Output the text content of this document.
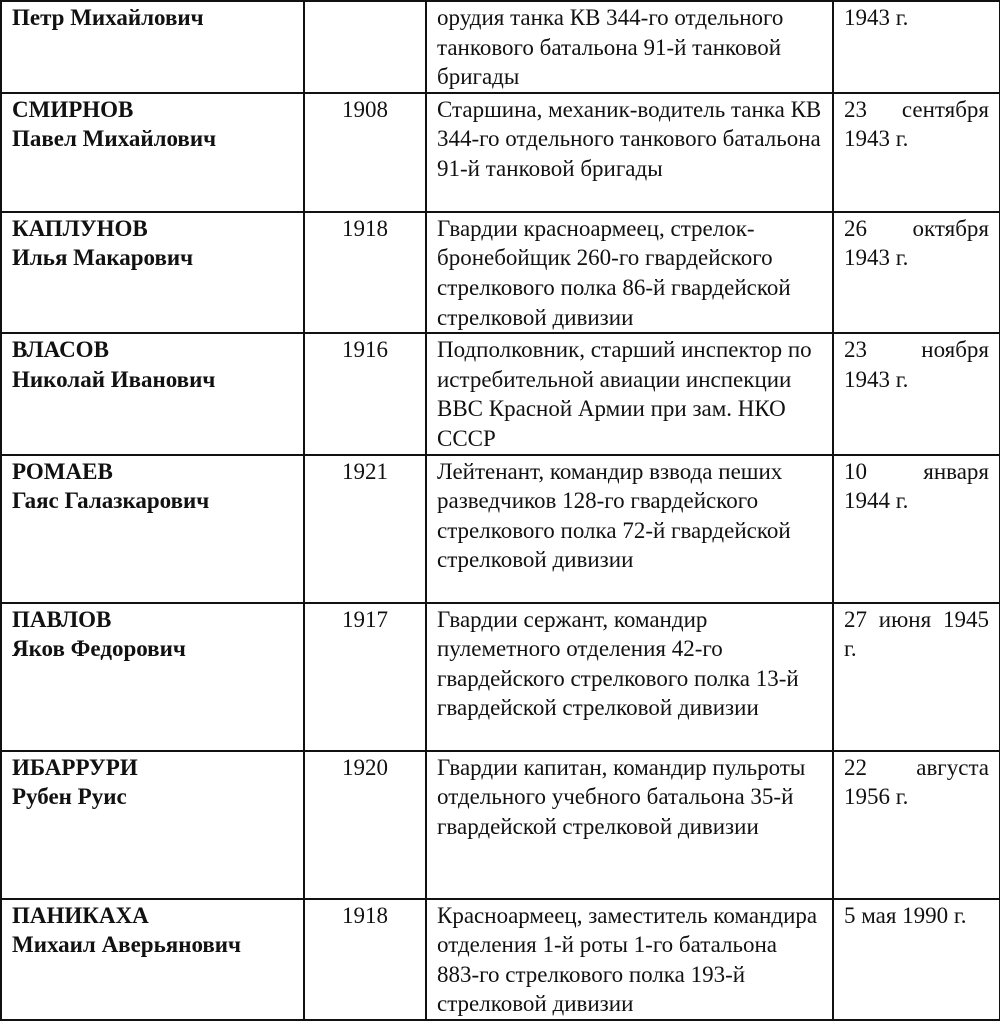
Петр Михайлович		орудия танка КВ 344-го отдельного танкового батальона 91-й танковой бригады	1943 г.

СМИРНОВ
Павел Михайлович	1908	Старшина, механик-водитель танка КВ 344-го отдельного танкового батальона 91-й танковой бригады	23 сентября 1943 г.

КАПЛУНОВ
Илья Макарович	1918	Гвардии красноармеец, стрелок-бронебойщик 260-го гвардейского стрелкового полка 86-й гвардейской стрелковой дивизии	26 октября 1943 г.

ВЛАСОВ
Николай Иванович	1916	Подполковник, старший инспектор по истребительной авиации инспекции ВВС Красной Армии при зам. НКО СССР	23 ноября 1943 г.

РОМАЕВ
Гаяс Галазкарович	1921	Лейтенант, командир взвода пеших разведчиков 128-го гвардейского стрелкового полка 72-й гвардейской стрелковой дивизии	10 января 1944 г.

ПАВЛОВ
Яков Федорович	1917	Гвардии сержант, командир пулеметного отделения 42-го гвардейского стрелкового полка 13-й гвардейской стрелковой дивизии	27 июня 1945 г.

ИБАРРУРИ
Рубен Руис	1920	Гвардии капитан, командир пульроты отдельного учебного батальона 35-й гвардейской стрелковой дивизии	22 августа 1956 г.

ПАНИКАХА
Михаил Аверьянович	1918	Красноармеец, заместитель командира отделения 1-й роты 1-го батальона 883-го стрелкового полка 193-й стрелковой дивизии	5 мая 1990 г.
